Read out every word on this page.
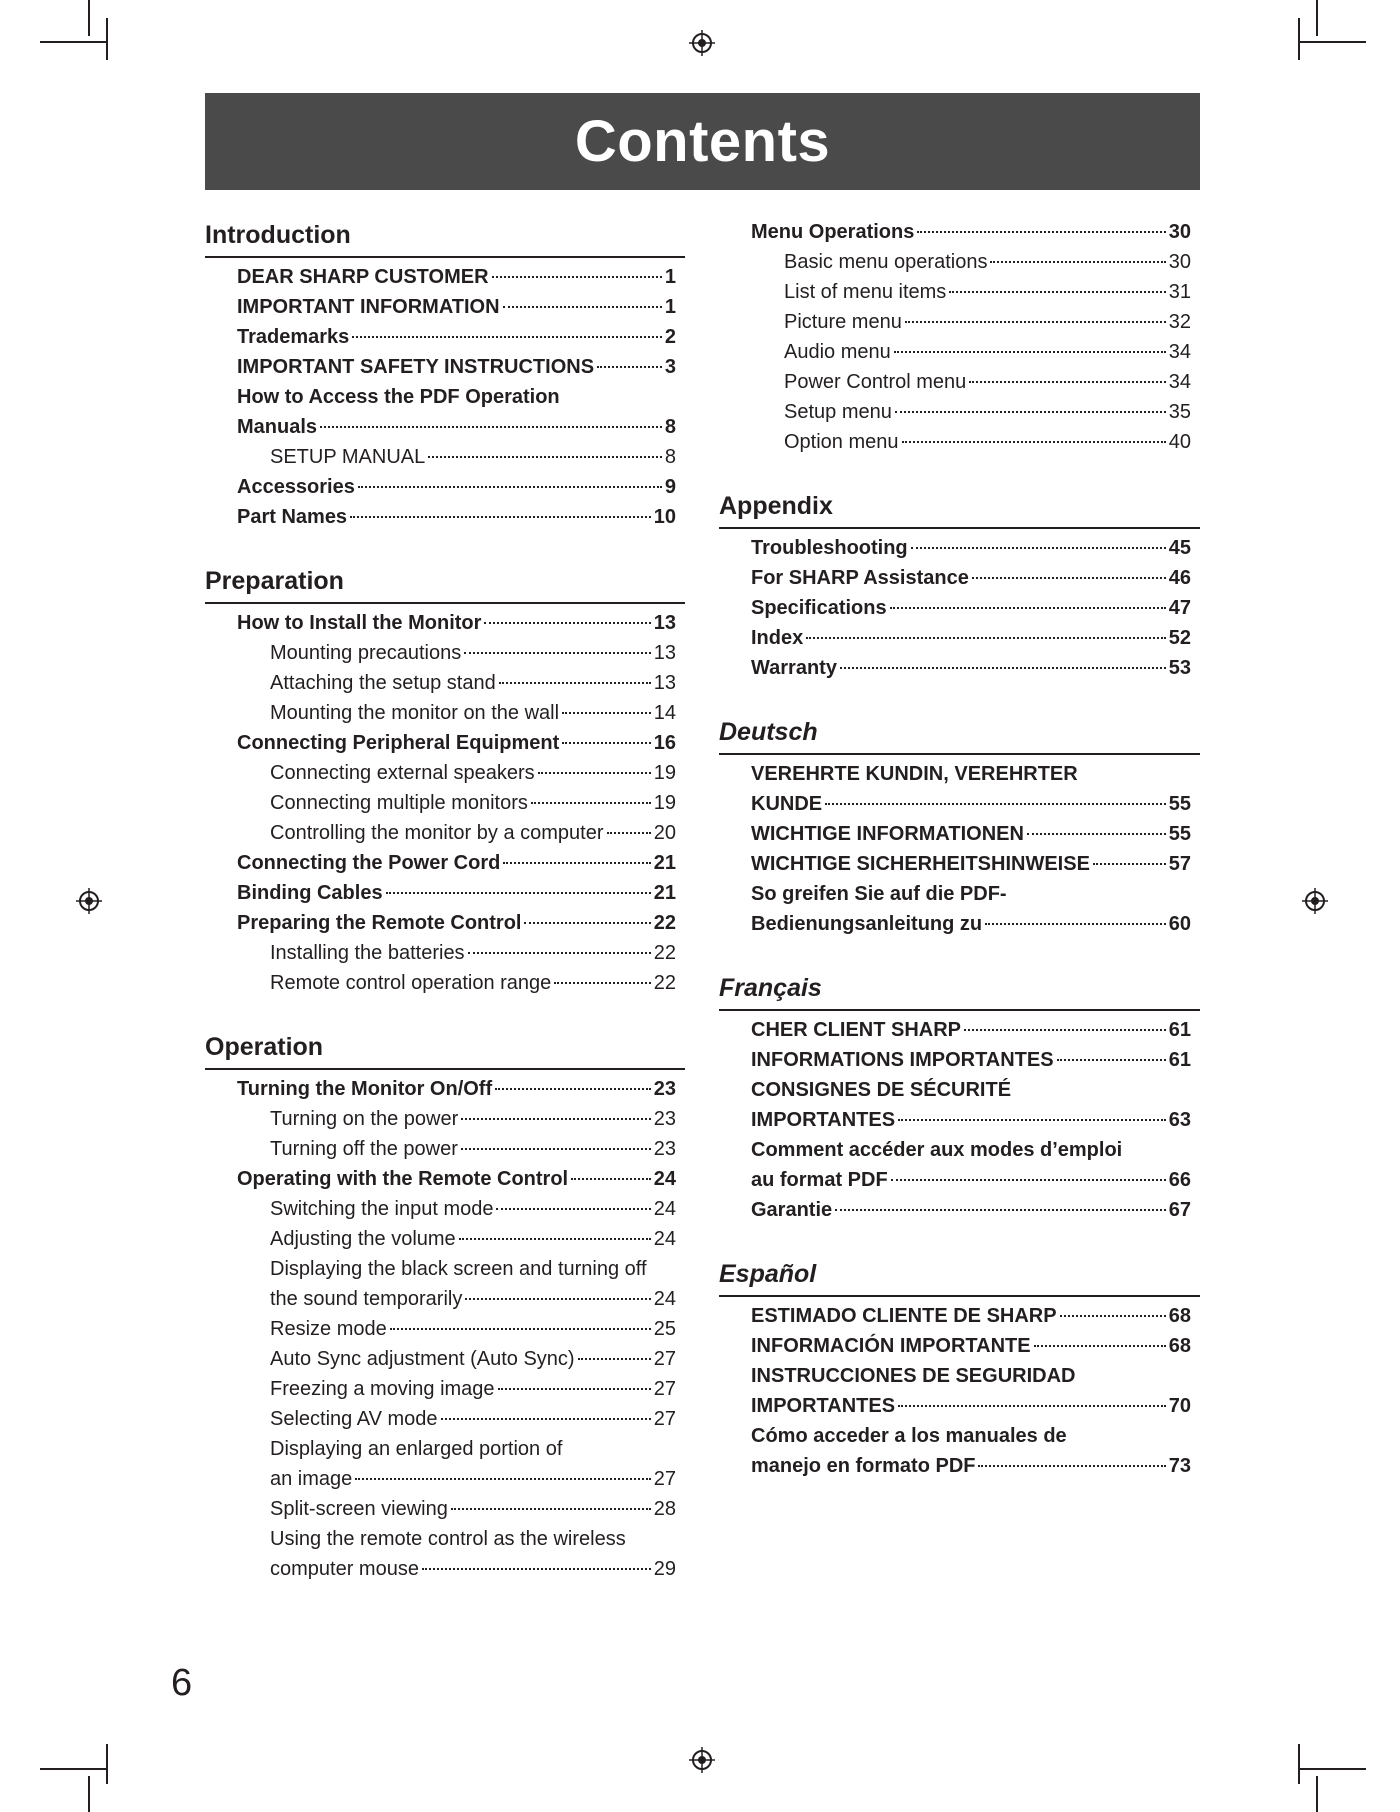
Contents
Introduction
DEAR SHARP CUSTOMER	1
IMPORTANT INFORMATION	1
Trademarks	2
IMPORTANT SAFETY INSTRUCTIONS	3
How to Access the PDF Operation
Manuals	8
SETUP MANUAL	8
Accessories	9
Part Names	10
Preparation
How to Install the Monitor	13
Mounting precautions	13
Attaching the setup stand	13
Mounting the monitor on the wall	14
Connecting Peripheral Equipment	16
Connecting external speakers	19
Connecting multiple monitors	19
Controlling the monitor by a computer	20
Connecting the Power Cord	21
Binding Cables	21
Preparing the Remote Control	22
Installing the batteries	22
Remote control operation range	22
Operation
Turning the Monitor On/Off	23
Turning on the power	23
Turning off the power	23
Operating with the Remote Control	24
Switching the input mode	24
Adjusting the volume	24
Displaying the black screen and turning off
the sound temporarily	24
Resize mode	25
Auto Sync adjustment (Auto Sync)	27
Freezing a moving image	27
Selecting AV mode	27
Displaying an enlarged portion of
an image	27
Split-screen viewing	28
Using the remote control as the wireless
computer mouse	29
Menu Operations	30
Basic menu operations	30
List of menu items	31
Picture menu	32
Audio menu	34
Power Control menu	34
Setup menu	35
Option menu	40
Appendix
Troubleshooting	45
For SHARP Assistance	46
Specifications	47
Index	52
Warranty	53
Deutsch
VEREHRTE KUNDIN, VEREHRTER
KUNDE	55
WICHTIGE INFORMATIONEN	55
WICHTIGE SICHERHEITSHINWEISE	57
So greifen Sie auf die PDF-
Bedienungsanleitung zu	60
Français
CHER CLIENT SHARP	61
INFORMATIONS IMPORTANTES	61
CONSIGNES DE SÉCURITÉ
IMPORTANTES	63
Comment accéder aux modes d’emploi
au format PDF	66
Garantie	67
Español
ESTIMADO CLIENTE DE SHARP	68
INFORMACIÓN IMPORTANTE	68
INSTRUCCIONES DE SEGURIDAD
IMPORTANTES	70
Cómo acceder a los manuales de
manejo en formato PDF	73
6
